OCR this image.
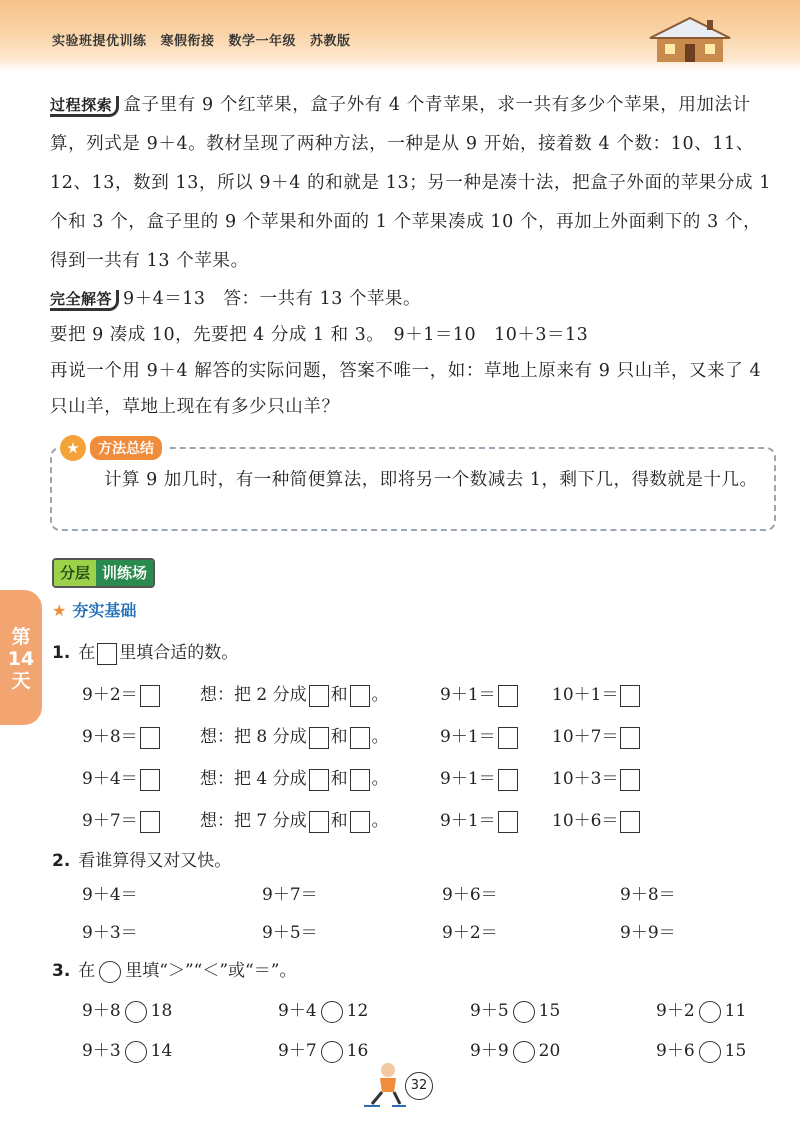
实验班提优训练 寒假衔接 数学一年级 苏教版
过程探索 盒子里有 9 个红苹果，盒子外有 4 个青苹果，求一共有多少个苹果，用加法计算，列式是 9＋4。教材呈现了两种方法，一种是从 9 开始，接着数 4 个数：10、11、12、13，数到 13，所以 9＋4 的和就是 13；另一种是凑十法，把盒子外面的苹果分成 1 个和 3 个，盒子里的 9 个苹果和外面的 1 个苹果凑成 10 个，再加上外面剩下的 3 个，得到一共有 13 个苹果。
完全解答 9＋4＝13　答：一共有 13 个苹果。
要把 9 凑成 10，先要把 4 分成 1 和 3。　9＋1＝10　10＋3＝13
再说一个用 9＋4 解答的实际问题，答案不唯一，如：草地上原来有 9 只山羊，又来了 4 只山羊，草地上现在有多少只山羊？
★	方法总结
计算 9 加几时，有一种简便算法，即将另一个数减去 1，剩下几，得数就是十几。
分层 训练场
★ 夯实基础
第
14
天
1. 在 里填合适的数。
9＋2＝	想：把 2 分成 和 。	9＋1＝	10＋1＝
9＋8＝	想：把 8 分成 和 。	9＋1＝	10＋7＝
9＋4＝	想：把 4 分成 和 。	9＋1＝	10＋3＝
9＋7＝	想：把 7 分成 和 。	9＋1＝	10＋6＝
2. 看谁算得又对又快。
9＋4＝	9＋7＝	9＋6＝	9＋8＝
9＋3＝	9＋5＝	9＋2＝	9＋9＝
3. 在 里填“＞”“＜”或“＝”。
9＋8 18	9＋4 12	9＋5 15	9＋2 11
9＋3 14	9＋7 16	9＋9 20	9＋6 15
32
